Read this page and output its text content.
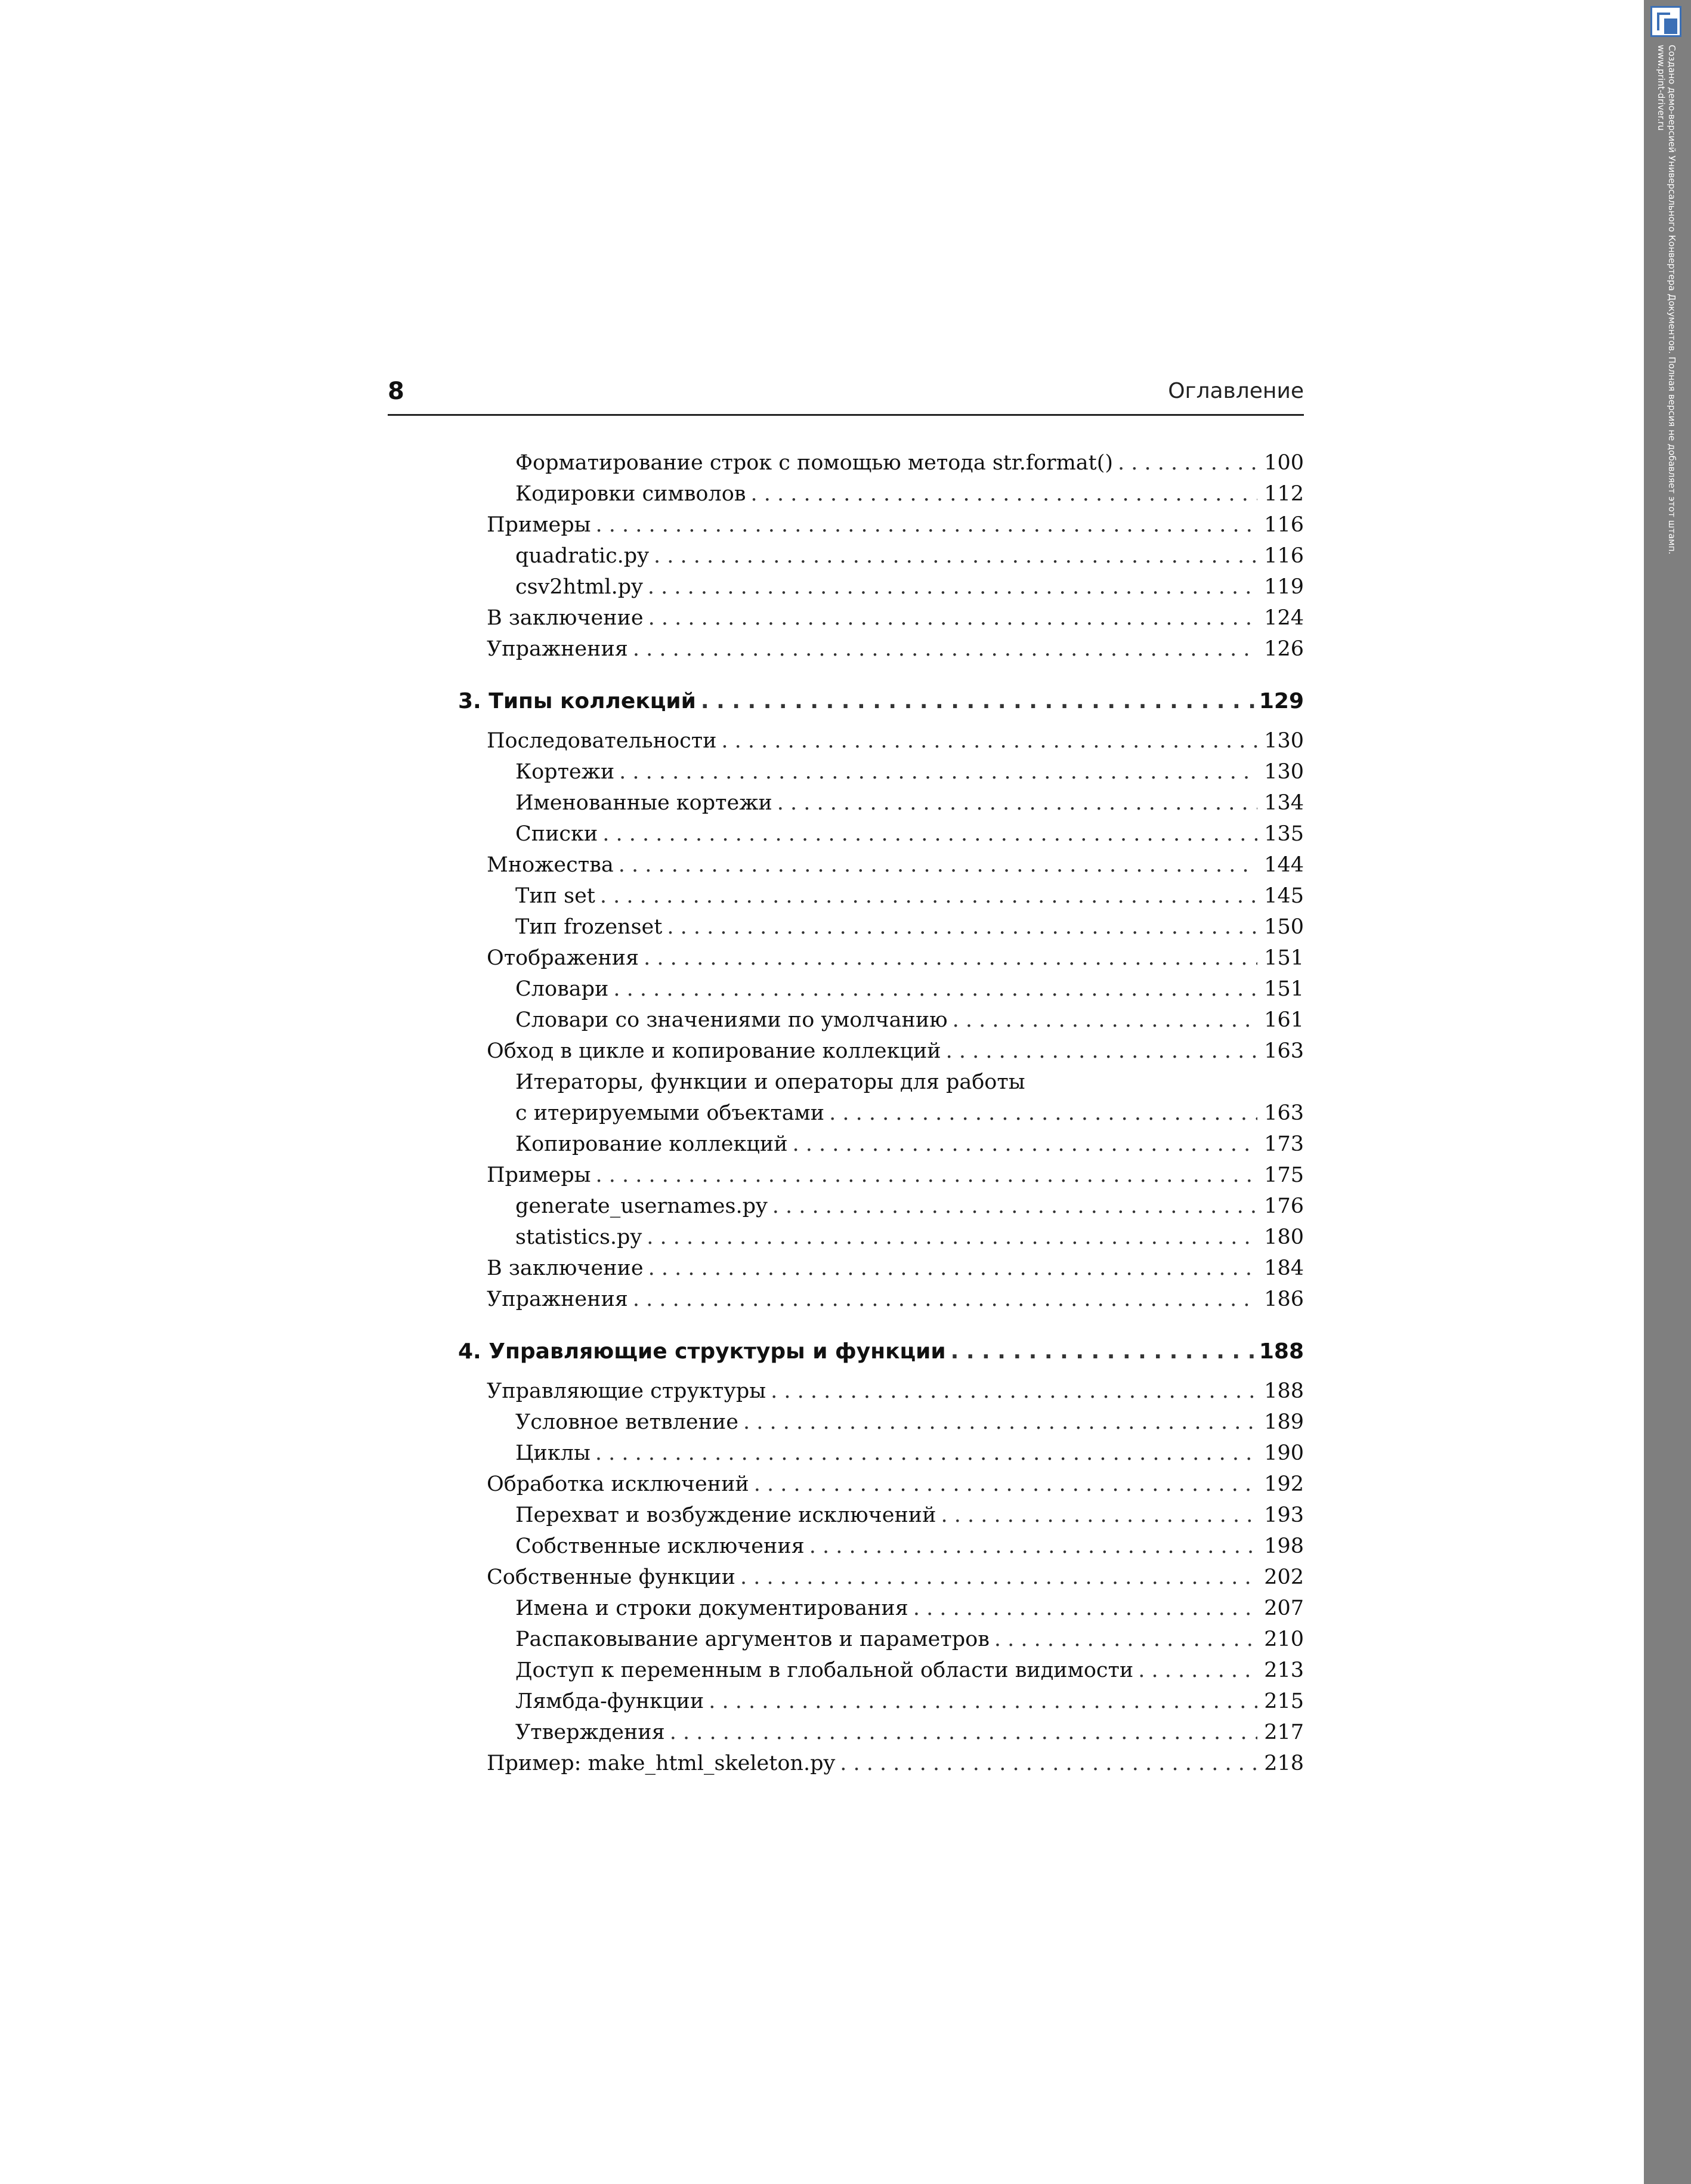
8	Оглавление
Форматирование строк с помощью метода str.format() . . .	100
Кодировки символов . . .	112
Примеры . . .	116
quadratic.py . . .	116
csv2html.py . . .	119
В заключение . . .	124
Упражнения . . .	126
3. Типы коллекций . . .	129
Последовательности . . .	130
Кортежи . . .	130
Именованные кортежи . . .	134
Списки . . .	135
Множества . . .	144
Тип set . . .	145
Тип frozenset . . .	150
Отображения . . .	151
Словари . . .	151
Словари со значениями по умолчанию . . .	161
Обход в цикле и копирование коллекций . . .	163
Итераторы, функции и операторы для работы
с итерируемыми объектами . . .	163
Копирование коллекций . . .	173
Примеры . . .	175
generate_usernames.py . . .	176
statistics.py . . .	180
В заключение . . .	184
Упражнения . . .	186
4. Управляющие структуры и функции . . .	188
Управляющие структуры . . .	188
Условное ветвление . . .	189
Циклы . . .	190
Обработка исключений . . .	192
Перехват и возбуждение исключений . . .	193
Собственные исключения . . .	198
Собственные функции . . .	202
Имена и строки документирования . . .	207
Распаковывание аргументов и параметров . . .	210
Доступ к переменным в глобальной области видимости . . .	213
Лямбда-функции . . .	215
Утверждения . . .	217
Пример: make_html_skeleton.py . . .	218
Создано демо-версией Универсального Конвертера Документов. Полная версия не добавляет этот штамп.
www.print-driver.ru
